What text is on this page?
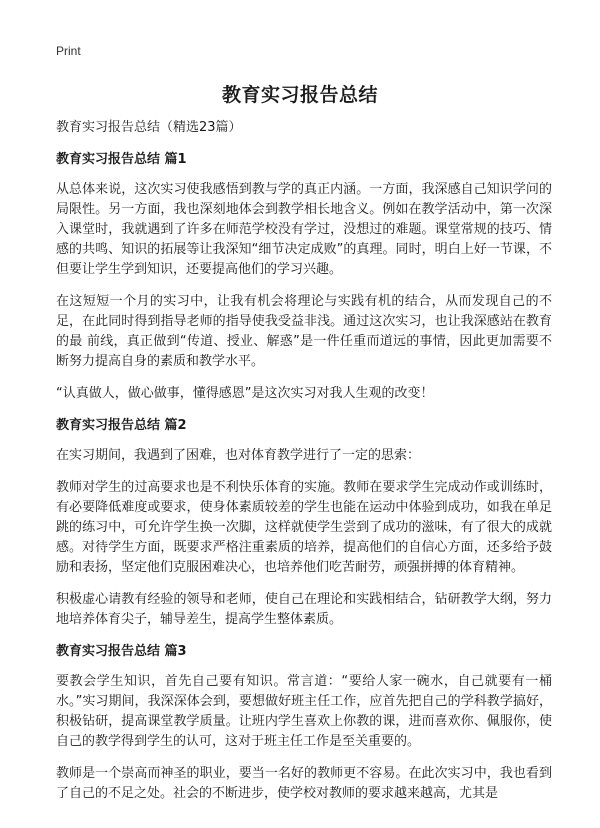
Print
教育实习报告总结

教育实习报告总结（精选23篇）

教育实习报告总结 篇1

从总体来说，这次实习使我感悟到教与学的真正内涵。一方面，我深感自己知识学问的局限性。另一方面，我也深刻地体会到教学相长地含义。例如在教学活动中，第一次深入课堂时，我就遇到了许多在师范学校没有学过，没想过的难题。课堂常规的技巧、情感的共鸣、知识的拓展等让我深知“细节决定成败”的真理。同时，明白上好一节课，不但要让学生学到知识，还要提高他们的学习兴趣。

在这短短一个月的实习中，让我有机会将理论与实践有机的结合，从而发现自己的不足，在此同时得到指导老师的指导使我受益非浅。通过这次实习，也让我深感站在教育的最 前线，真正做到“传道、授业、解惑”是一件任重而道远的事情，因此更加需要不断努力提高自身的素质和教学水平。

“认真做人，做心做事，懂得感恩”是这次实习对我人生观的改变！

教育实习报告总结 篇2

在实习期间，我遇到了困难，也对体育教学进行了一定的思索：

教师对学生的过高要求也是不利快乐体育的实施。教师在要求学生完成动作或训练时，有必要降低难度或要求，使身体素质较差的学生也能在运动中体验到成功，如我在单足跳的练习中，可允许学生换一次脚，这样就使学生尝到了成功的滋味，有了很大的成就感。对待学生方面，既要求严格注重素质的培养，提高他们的自信心方面，还多给予鼓励和表扬，坚定他们克服困难决心，也培养他们吃苦耐劳，顽强拼搏的体育精神。

积极虚心请教有经验的领导和老师，使自己在理论和实践相结合，钻研教学大纲，努力地培养体育尖子，辅导差生，提高学生整体素质。

教育实习报告总结 篇3

要教会学生知识，首先自己要有知识。常言道：“要给人家一碗水，自己就要有一桶水。”实习期间，我深深体会到，要想做好班主任工作，应首先把自己的学科教学搞好，积极钻研，提高课堂教学质量。让班内学生喜欢上你教的课，进而喜欢你、佩服你，使自己的教学得到学生的认可，这对于班主任工作是至关重要的。

教师是一个崇高而神圣的职业，要当一名好的教师更不容易。在此次实习中，我也看到了自己的不足之处。社会的不断进步，使学校对教师的要求越来越高，尤其是
